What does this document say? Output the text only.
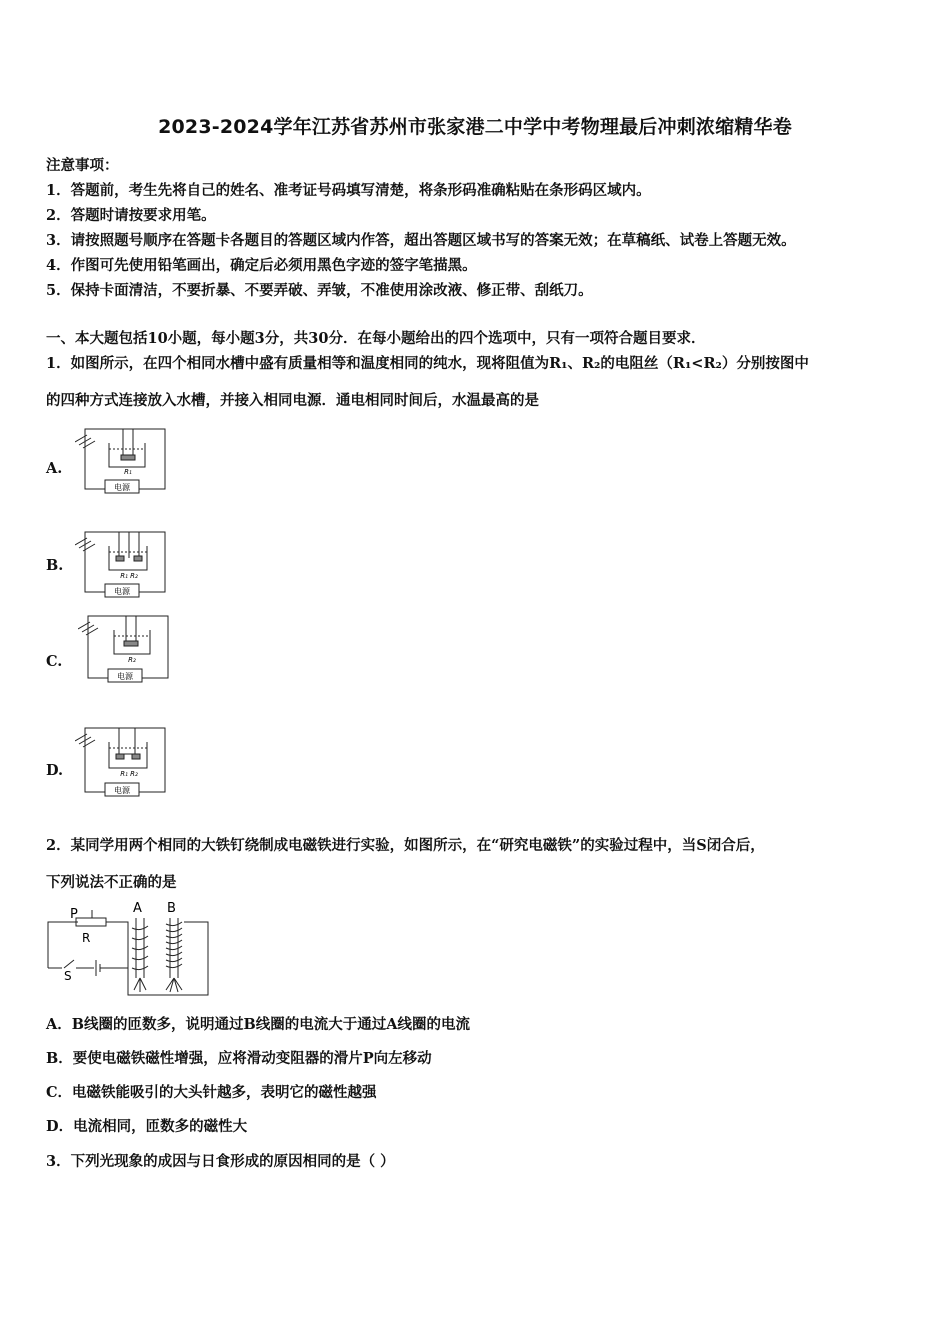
2023-2024学年江苏省苏州市张家港二中学中考物理最后冲刺浓缩精华卷
注意事项：
1．答题前，考生先将自己的姓名、准考证号码填写清楚，将条形码准确粘贴在条形码区域内。
2．答题时请按要求用笔。
3．请按照题号顺序在答题卡各题目的答题区域内作答，超出答题区域书写的答案无效；在草稿纸、试卷上答题无效。
4．作图可先使用铅笔画出，确定后必须用黑色字迹的签字笔描黑。
5．保持卡面清洁，不要折暴、不要弄破、弄皱，不准使用涂改液、修正带、刮纸刀。
一、本大题包括10小题，每小题3分，共30分．在每小题给出的四个选项中，只有一项符合题目要求．
1．如图所示，在四个相同水槽中盛有质量相等和温度相同的纯水，现将阻值为R₁、R₂的电阻丝（R₁<R₂）分别按图中
的四种方式连接放入水槽，并接入相同电源．通电相同时间后，水温最高的是
A.
电源
R₁
B.
电源
R₁ R₂
C.
电源
R₂
D.
电源
R₁ R₂
2．某同学用两个相同的大铁钉绕制成电磁铁进行实验，如图所示，在“研究电磁铁”的实验过程中，当S闭合后，
下列说法不正确的是
P
R
S
A B
A．B线圈的匝数多，说明通过B线圈的电流大于通过A线圈的电流
B．要使电磁铁磁性增强，应将滑动变阻器的滑片P向左移动
C．电磁铁能吸引的大头针越多，表明它的磁性越强
D．电流相同，匝数多的磁性大
3．下列光现象的成因与日食形成的原因相同的是（ ）
